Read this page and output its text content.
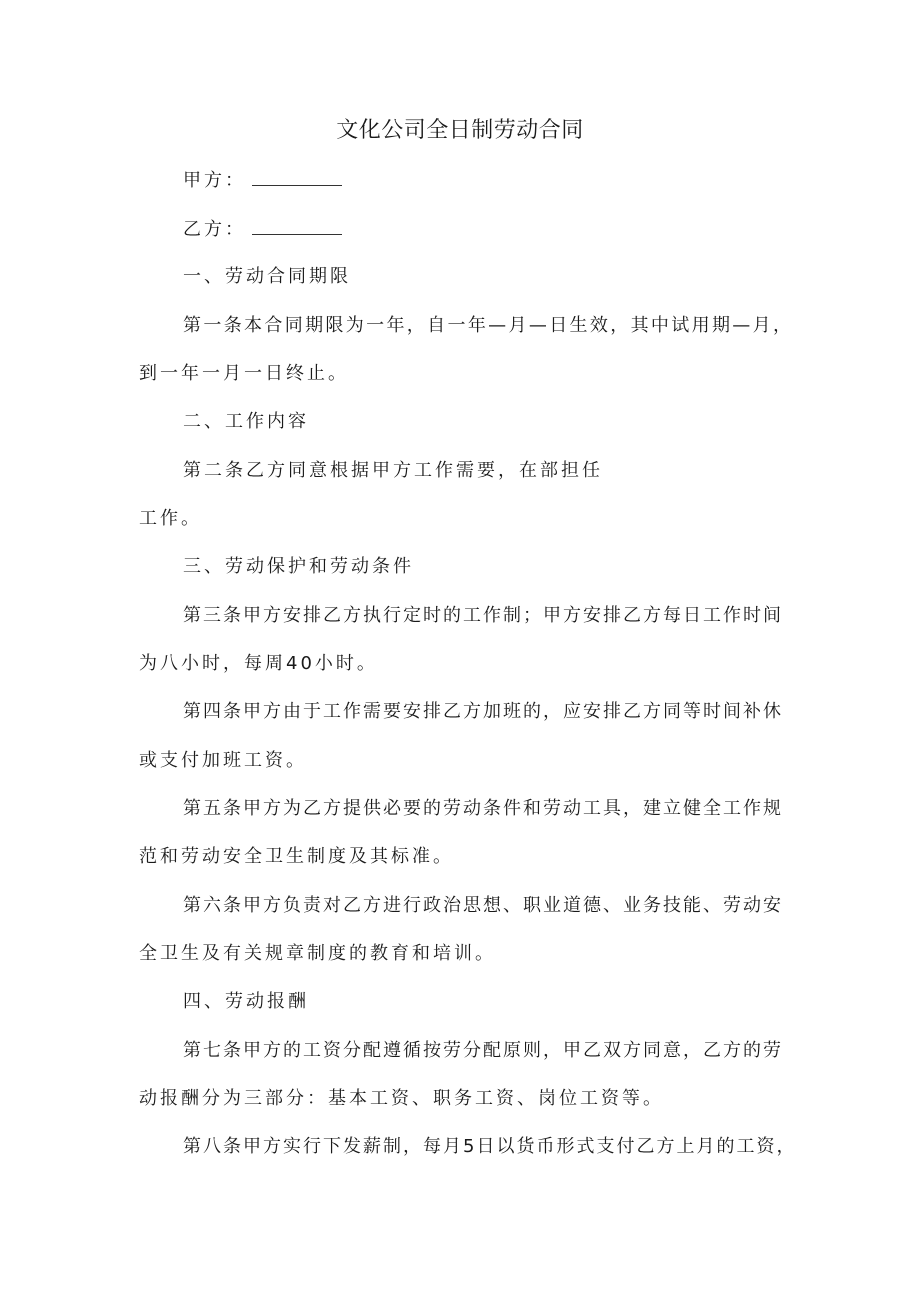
文化公司全日制劳动合同
甲方：
乙方：
一、劳动合同期限
第一条本合同期限为一年，自一年—月—日生效，其中试用期—月，
到一年一月一日终止。
二、工作内容
第二条乙方同意根据甲方工作需要，在部担任
工作。
三、劳动保护和劳动条件
第三条甲方安排乙方执行定时的工作制；甲方安排乙方每日工作时间
为八小时，每周40小时。
第四条甲方由于工作需要安排乙方加班的，应安排乙方同等时间补休
或支付加班工资。
第五条甲方为乙方提供必要的劳动条件和劳动工具，建立健全工作规
范和劳动安全卫生制度及其标准。
第六条甲方负责对乙方进行政治思想、职业道德、业务技能、劳动安
全卫生及有关规章制度的教育和培训。
四、劳动报酬
第七条甲方的工资分配遵循按劳分配原则，甲乙双方同意，乙方的劳
动报酬分为三部分：基本工资、职务工资、岗位工资等。
第八条甲方实行下发薪制，每月5日以货币形式支付乙方上月的工资，
